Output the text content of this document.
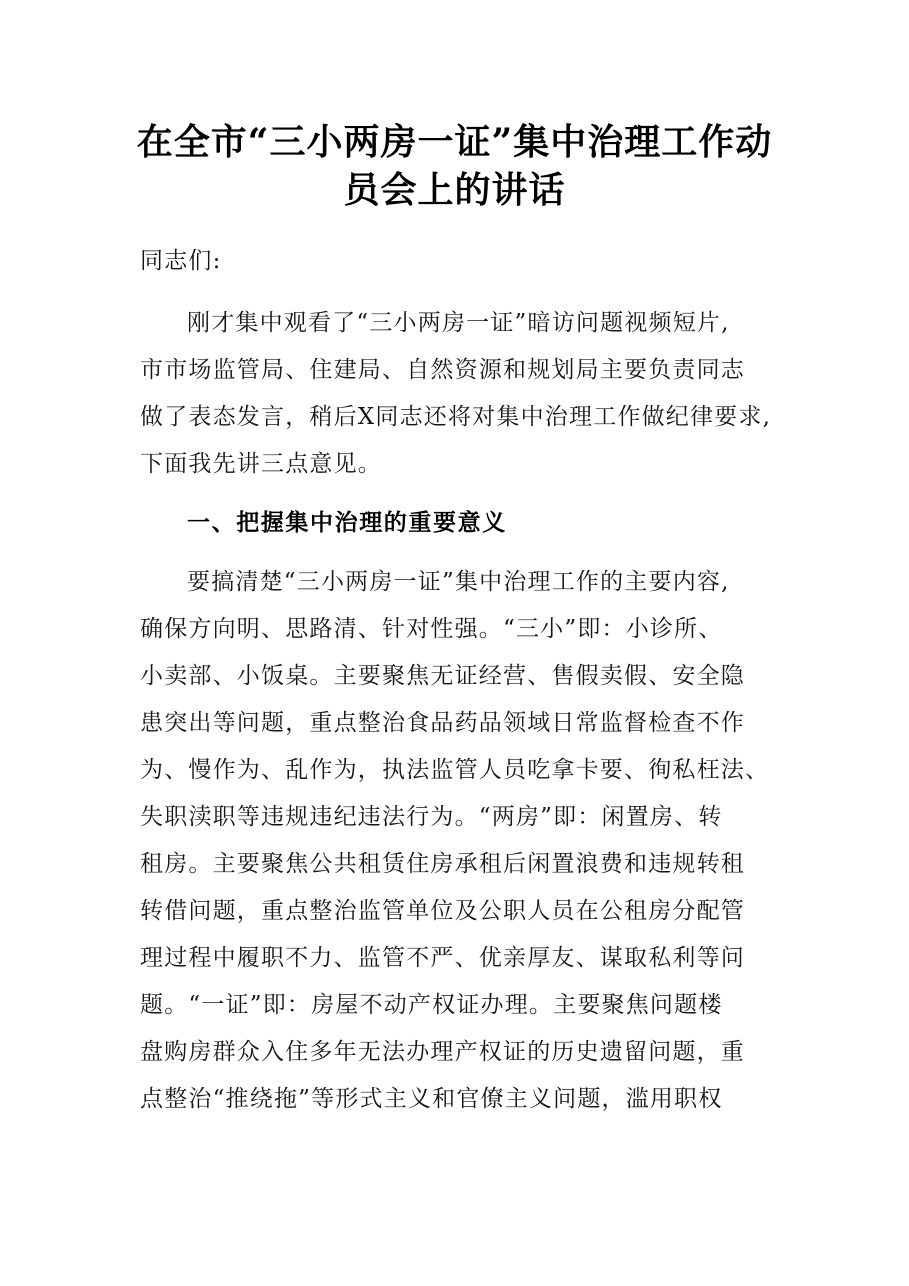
在全市“三小两房一证”集中治理工作动
员会上的讲话
同志们:
刚才集中观看了“三小两房一证”暗访问题视频短片,
市市场监管局、住建局、自然资源和规划局主要负责同志
做了表态发言，稍后X同志还将对集中治理工作做纪律要求,
下面我先讲三点意见。
一、把握集中治理的重要意义
要搞清楚“三小两房一证”集中治理工作的主要内容,
确保方向明、思路清、针对性强。“三小”即：小诊所、
小卖部、小饭桌。主要聚焦无证经营、售假卖假、安全隐
患突出等问题，重点整治食品药品领域日常监督检查不作
为、慢作为、乱作为，执法监管人员吃拿卡要、徇私枉法、
失职渎职等违规违纪违法行为。“两房”即：闲置房、转
租房。主要聚焦公共租赁住房承租后闲置浪费和违规转租
转借问题，重点整治监管单位及公职人员在公租房分配管
理过程中履职不力、监管不严、优亲厚友、谋取私利等问
题。“一证”即：房屋不动产权证办理。主要聚焦问题楼
盘购房群众入住多年无法办理产权证的历史遗留问题，重
点整治“推绕拖”等形式主义和官僚主义问题，滥用职权
